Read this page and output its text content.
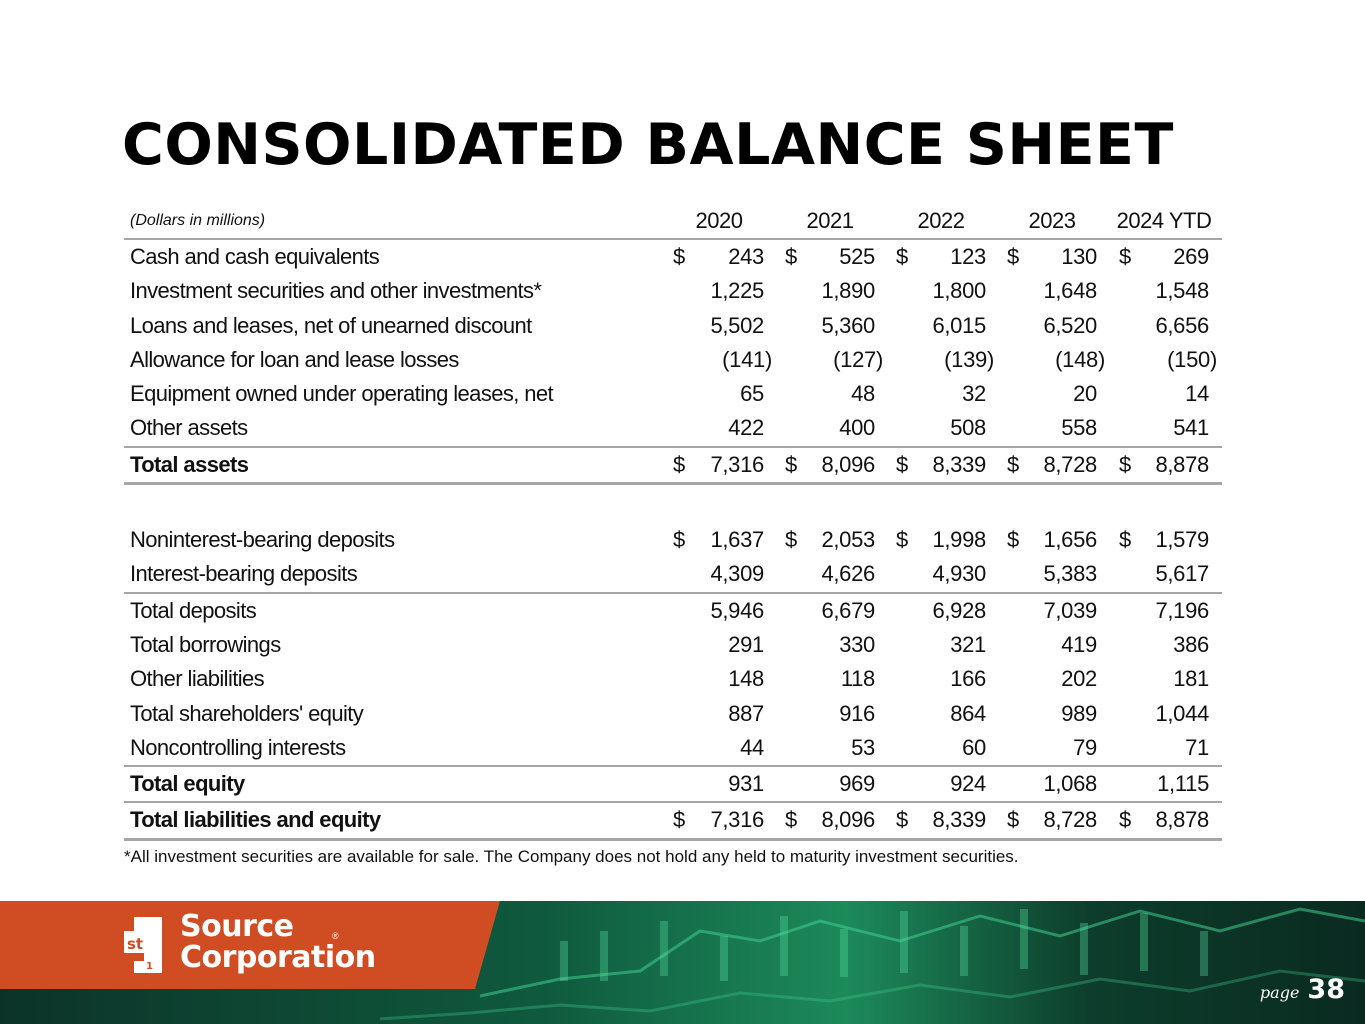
CONSOLIDATED BALANCE SHEET
(Dollars in millions)	2020	2021	2022	2023	2024 YTD
Cash and cash equivalents	$	243 $	525 $	123 $	130 $	269
Investment securities and other investments*	1,225	1,890	1,800	1,648	1,548
Loans and leases, net of unearned discount	5,502	5,360	6,015	6,520	6,656
Allowance for loan and lease losses	(141)	(127)	(139)	(148)	(150)
Equipment owned under operating leases, net	65	48	32	20	14
Other assets	422	400	508	558	541
Total assets	$	7,316 $	8,096 $	8,339 $	8,728 $	8,878
Noninterest-bearing deposits	$	1,637 $	2,053 $	1,998 $	1,656 $	1,579
Interest-bearing deposits	4,309	4,626	4,930	5,383	5,617
Total deposits	5,946	6,679	6,928	7,039	7,196
Total borrowings	291	330	321	419	386
Other liabilities	148	118	166	202	181
Total shareholders' equity	887	916	864	989	1,044
Noncontrolling interests	44	53	60	79	71
Total equity	931	969	924	1,068	1,115
Total liabilities and equity	$	7,316 $	8,096 $	8,339 $	8,728 $	8,878
*All investment securities are available for sale. The Company does not hold any held to maturity investment securities.
st
1
Source
Corporation
®
page 38
